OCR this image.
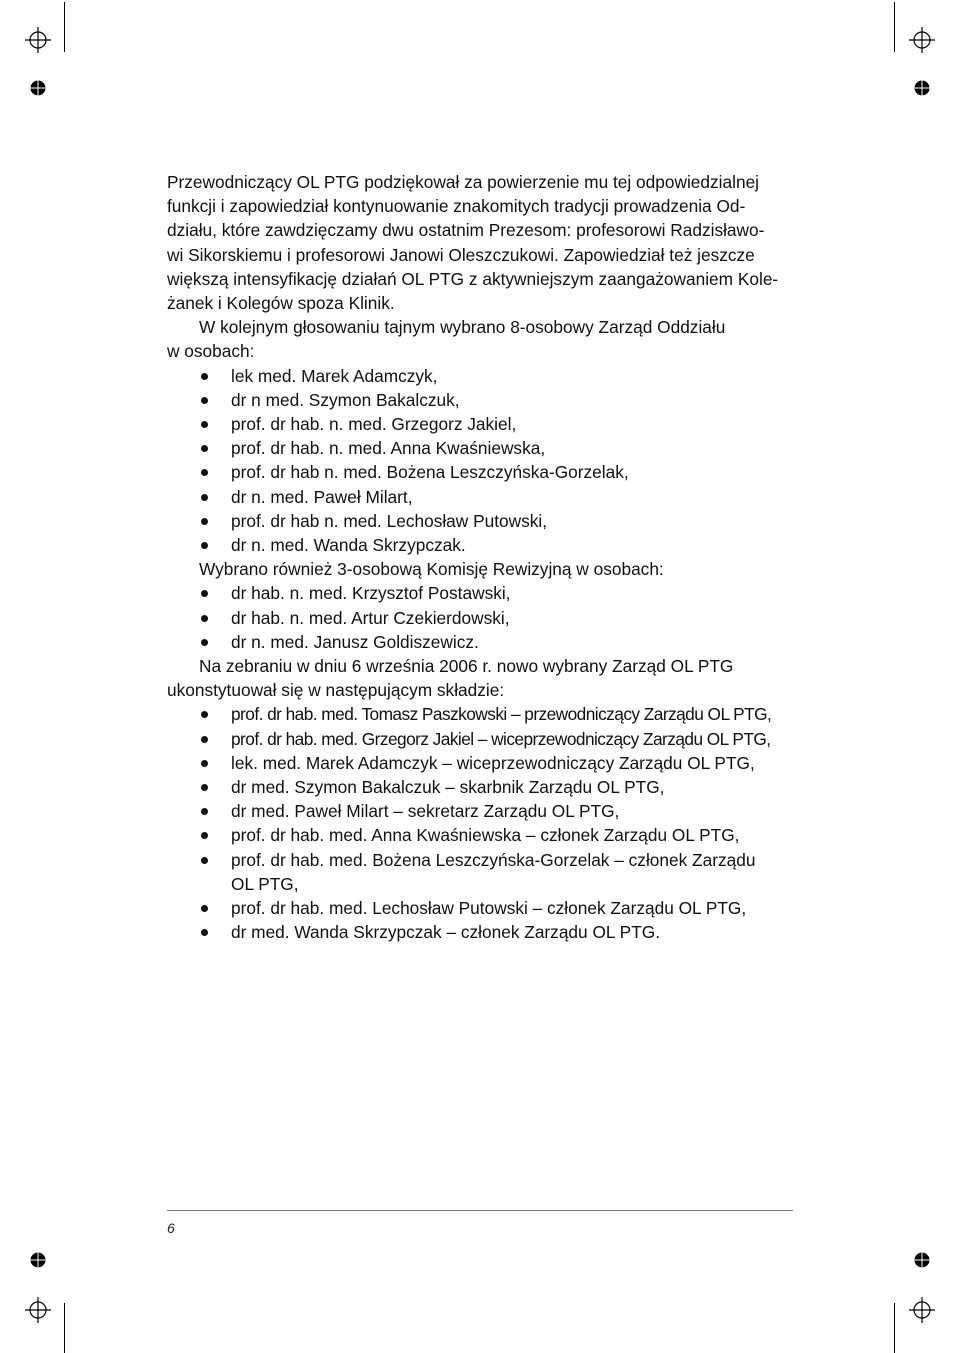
Przewodniczący OL PTG podziękował za powierzenie mu tej odpowiedzialnej
funkcji i zapowiedział kontynuowanie znakomitych tradycji prowadzenia Od-
działu, które zawdzięczamy dwu ostatnim Prezesom: profesorowi Radzisławo-
wi Sikorskiemu i profesorowi Janowi Oleszczukowi. Zapowiedział też jeszcze
większą intensyfikację działań OL PTG z aktywniejszym zaangażowaniem Kole-
żanek i Kolegów spoza Klinik.

W kolejnym głosowaniu tajnym wybrano 8-osobowy Zarząd Oddziału
w osobach:

lek med. Marek Adamczyk,
dr n med. Szymon Bakalczuk,
prof. dr hab. n. med. Grzegorz Jakiel,
prof. dr hab. n. med. Anna Kwaśniewska,
prof. dr hab n. med. Bożena Leszczyńska-Gorzelak,
dr n. med. Paweł Milart,
prof. dr hab n. med. Lechosław Putowski,
dr n. med. Wanda Skrzypczak.

Wybrano również 3-osobową Komisję Rewizyjną w osobach:

dr hab. n. med. Krzysztof Postawski,
dr hab. n. med. Artur Czekierdowski,
dr n. med. Janusz Goldiszewicz.

Na zebraniu w dniu 6 września 2006 r. nowo wybrany Zarząd OL PTG
ukonstytuował się w następującym składzie:

prof. dr hab. med. Tomasz Paszkowski – przewodniczący Zarządu OL PTG,
prof. dr hab. med. Grzegorz Jakiel – wiceprzewodniczący Zarządu OL PTG,
lek. med. Marek Adamczyk – wiceprzewodniczący Zarządu OL PTG,
dr med. Szymon Bakalczuk – skarbnik Zarządu OL PTG,
dr med. Paweł Milart – sekretarz Zarządu OL PTG,
prof. dr hab. med. Anna Kwaśniewska – członek Zarządu OL PTG,
prof. dr hab. med. Bożena Leszczyńska-Gorzelak – członek Zarządu
OL PTG,
prof. dr hab. med. Lechosław Putowski – członek Zarządu OL PTG,
dr med. Wanda Skrzypczak – członek Zarządu OL PTG.
6
